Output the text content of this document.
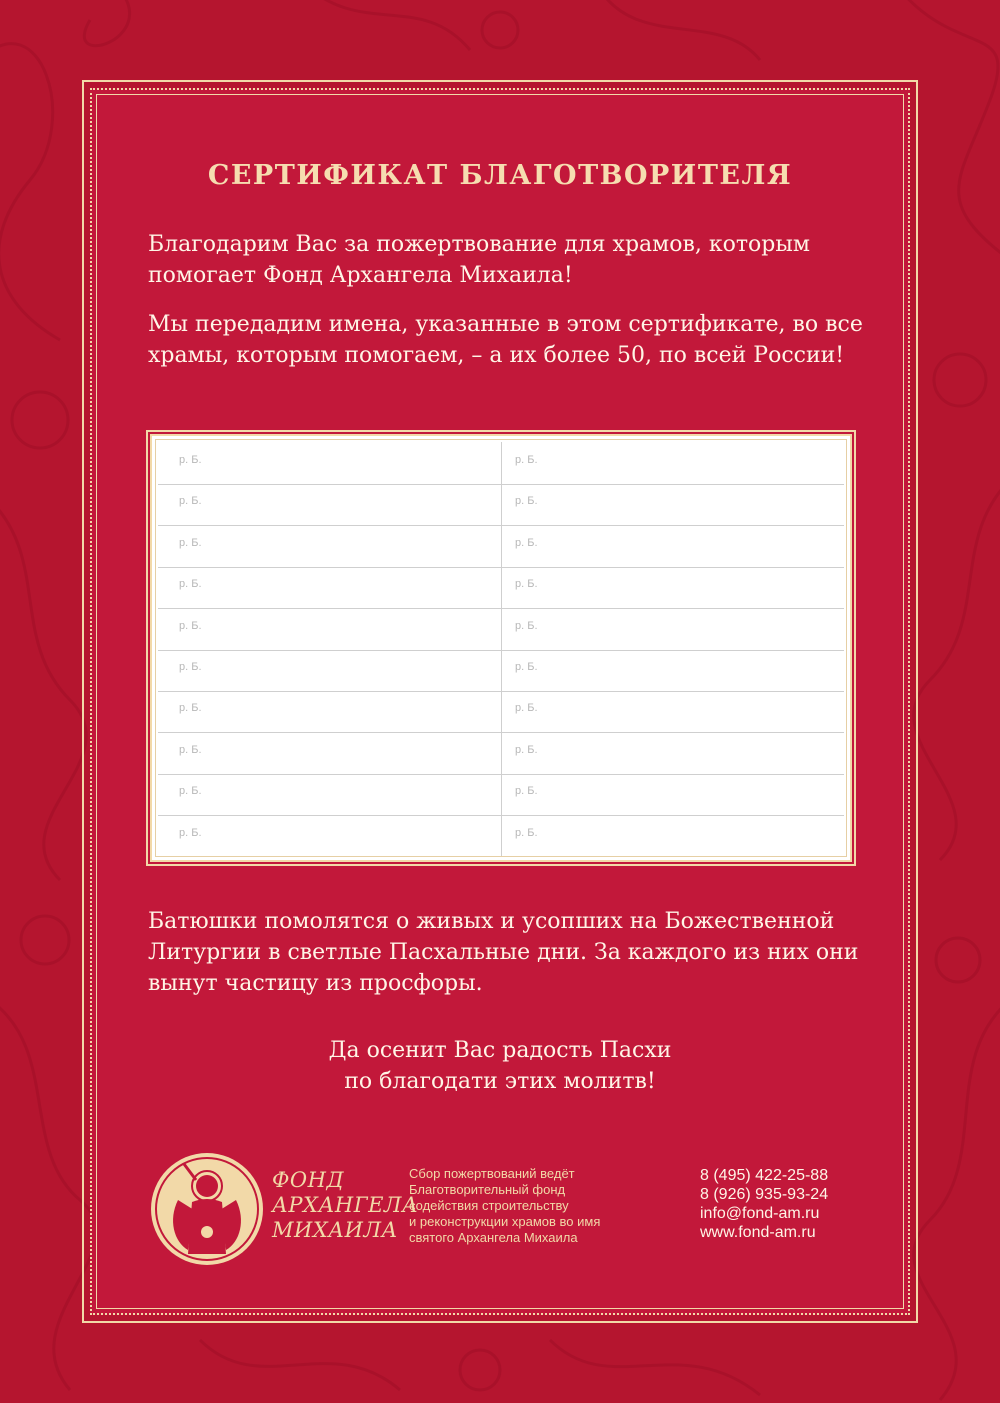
СЕРТИФИКАТ БЛАГОТВОРИТЕЛЯ
Благодарим Вас за пожертвование для храмов, которым помогает Фонд Архангела Михаила!
Мы передадим имена, указанные в этом сертификате, во все храмы, которым помогаем, – а их более 50, по всей России!
р. Б.	р. Б.
р. Б.	р. Б.
р. Б.	р. Б.
р. Б.	р. Б.
р. Б.	р. Б.
р. Б.	р. Б.
р. Б.	р. Б.
р. Б.	р. Б.
р. Б.	р. Б.
р. Б.	р. Б.
Батюшки помолятся о живых и усопших на Божественной Литургии в светлые Пасхальные дни. За каждого из них они вынут частицу из просфоры.
Да осенит Вас радость Пасхи
по благодати этих молитв!
ФОНД
АРХАНГЕЛА
МИХАИЛА
Сбор пожертвований ведёт
Благотворительный фонд
содействия строительству
и реконструкции храмов во имя
святого Архангела Михаила
8 (495) 422-25-88
8 (926) 935-93-24
info@fond-am.ru
www.fond-am.ru
